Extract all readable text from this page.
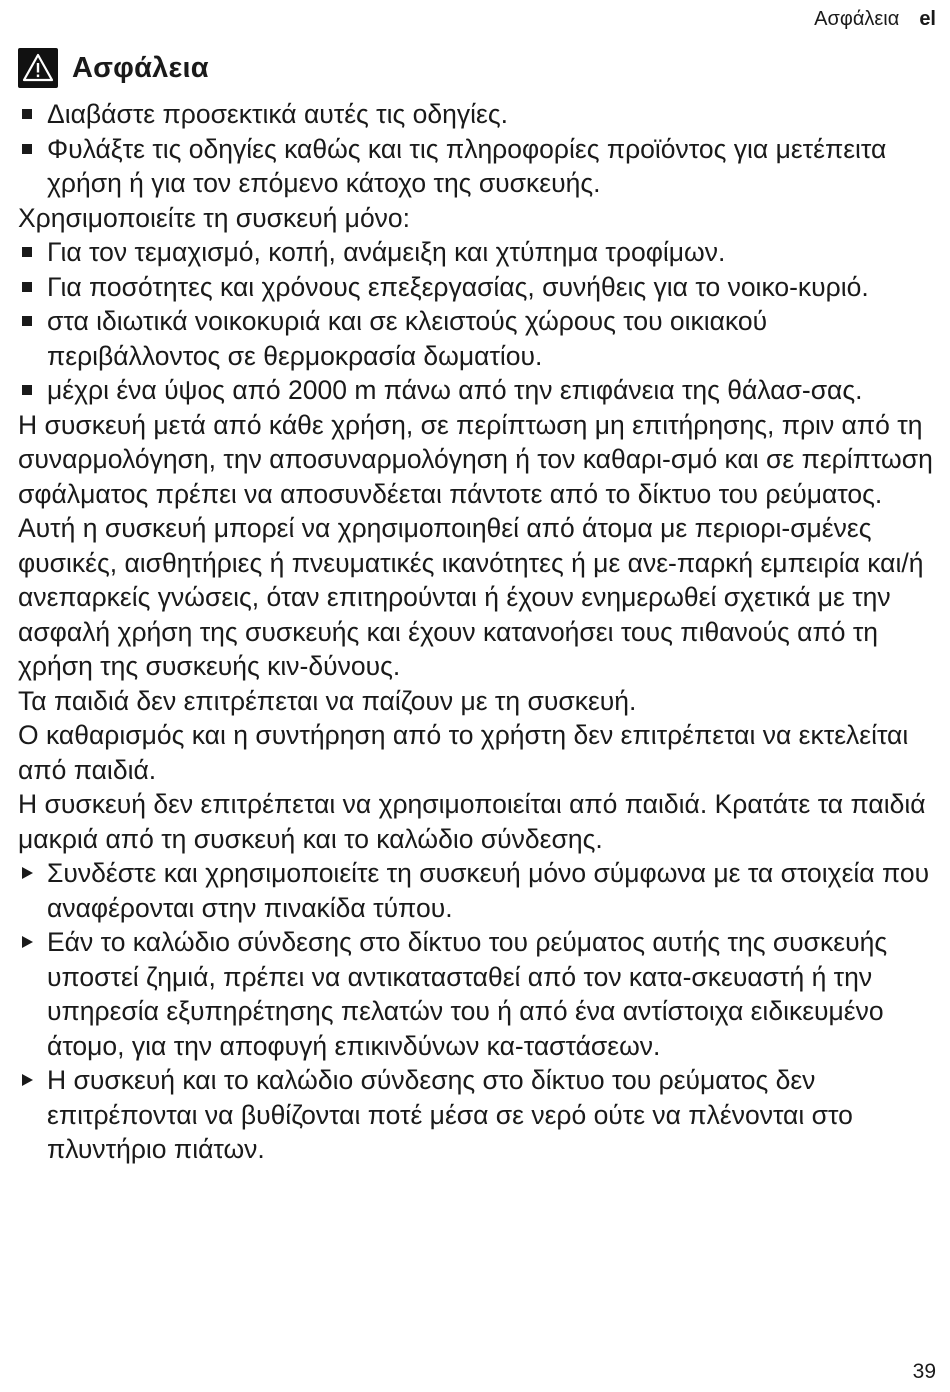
Ασφάλεια el
Ασφάλεια
Διαβάστε προσεκτικά αυτές τις οδηγίες.
Φυλάξτε τις οδηγίες καθώς και τις πληροφορίες προϊόντος για μετέπειτα χρήση ή για τον επόμενο κάτοχο της συσκευής.
Χρησιμοποιείτε τη συσκευή μόνο:
Για τον τεμαχισμό, κοπή, ανάμειξη και χτύπημα τροφίμων.
Για ποσότητες και χρόνους επεξεργασίας, συνήθεις για το νοικο-κυριό.
στα ιδιωτικά νοικοκυριά και σε κλειστούς χώρους του οικιακού περιβάλλοντος σε θερμοκρασία δωματίου.
μέχρι ένα ύψος από 2000 m πάνω από την επιφάνεια της θάλασ-σας.
Η συσκευή μετά από κάθε χρήση, σε περίπτωση μη επιτήρησης, πριν από τη συναρμολόγηση, την αποσυναρμολόγηση ή τον καθαρι-σμό και σε περίπτωση σφάλματος πρέπει να αποσυνδέεται πάντοτε από το δίκτυο του ρεύματος.
Αυτή η συσκευή μπορεί να χρησιμοποιηθεί από άτομα με περιορι-σμένες φυσικές, αισθητήριες ή πνευματικές ικανότητες ή με ανε-παρκή εμπειρία και/ή ανεπαρκείς γνώσεις, όταν επιτηρούνται ή έχουν ενημερωθεί σχετικά με την ασφαλή χρήση της συσκευής και έχουν κατανοήσει τους πιθανούς από τη χρήση της συσκευής κιν-δύνους.
Τα παιδιά δεν επιτρέπεται να παίζουν με τη συσκευή.
Ο καθαρισμός και η συντήρηση από το χρήστη δεν επιτρέπεται να εκτελείται από παιδιά.
Η συσκευή δεν επιτρέπεται να χρησιμοποιείται από παιδιά. Κρατάτε τα παιδιά μακριά από τη συσκευή και το καλώδιο σύνδεσης.
Συνδέστε και χρησιμοποιείτε τη συσκευή μόνο σύμφωνα με τα στοιχεία που αναφέρονται στην πινακίδα τύπου.
Εάν το καλώδιο σύνδεσης στο δίκτυο του ρεύματος αυτής της συσκευής υποστεί ζημιά, πρέπει να αντικατασταθεί από τον κατα-σκευαστή ή την υπηρεσία εξυπηρέτησης πελατών του ή από ένα αντίστοιχα ειδικευμένο άτομο, για την αποφυγή επικινδύνων κα-ταστάσεων.
Η συσκευή και το καλώδιο σύνδεσης στο δίκτυο του ρεύματος δεν επιτρέπονται να βυθίζονται ποτέ μέσα σε νερό ούτε να πλένονται στο πλυντήριο πιάτων.
39
